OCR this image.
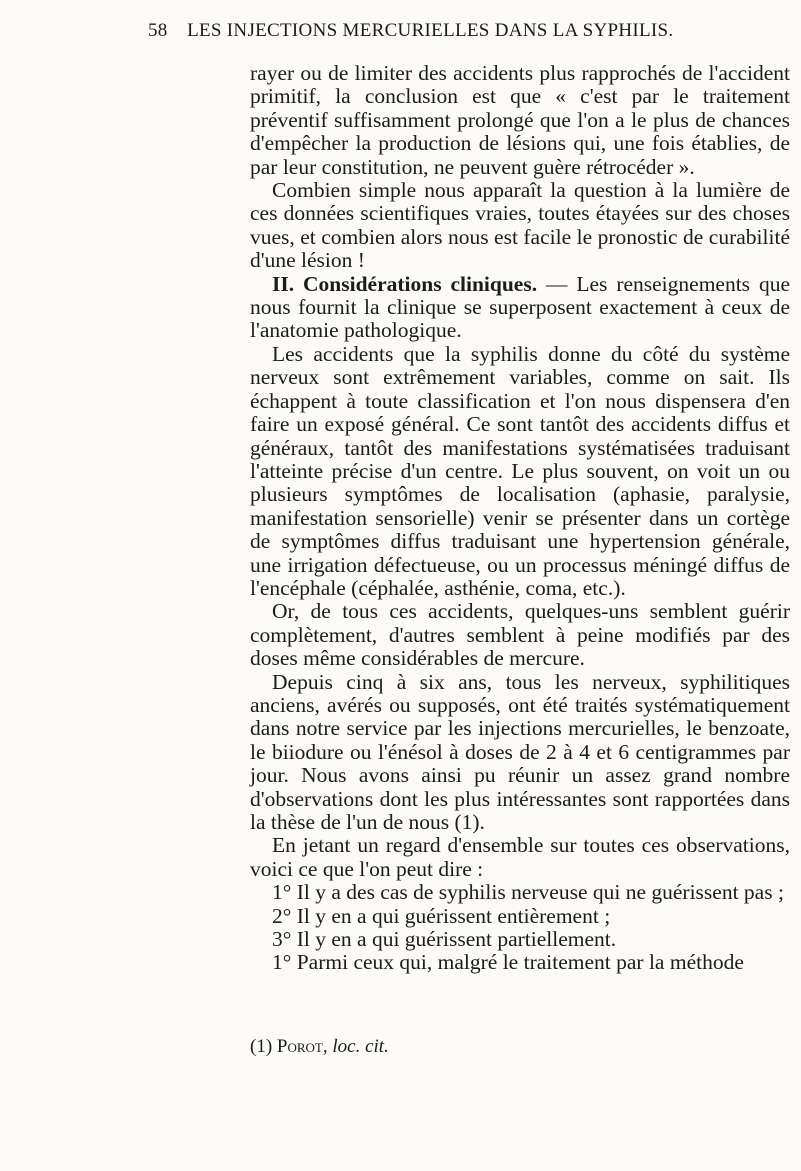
58 LES INJECTIONS MERCURIELLES DANS LA SYPHILIS.

rayer ou de limiter des accidents plus rapprochés de l'accident primitif, la conclusion est que « c'est par le traitement préventif suffisamment prolongé que l'on a le plus de chances d'empêcher la production de lésions qui, une fois établies, de par leur constitution, ne peuvent guère rétrocéder ».

Combien simple nous apparaît la question à la lumière de ces données scientifiques vraies, toutes étayées sur des choses vues, et combien alors nous est facile le pronostic de curabilité d'une lésion !

II. Considérations cliniques. — Les renseignements que nous fournit la clinique se superposent exactement à ceux de l'anatomie pathologique.

Les accidents que la syphilis donne du côté du système nerveux sont extrêmement variables, comme on sait. Ils échappent à toute classification et l'on nous dispensera d'en faire un exposé général. Ce sont tantôt des accidents diffus et généraux, tantôt des manifestations systématisées traduisant l'atteinte précise d'un centre. Le plus souvent, on voit un ou plusieurs symptômes de localisation (aphasie, paralysie, manifestation sensorielle) venir se présenter dans un cortège de symptômes diffus traduisant une hypertension générale, une irrigation défectueuse, ou un processus méningé diffus de l'encéphale (céphalée, asthénie, coma, etc.).

Or, de tous ces accidents, quelques-uns semblent guérir complètement, d'autres semblent à peine modifiés par des doses même considérables de mercure.

Depuis cinq à six ans, tous les nerveux, syphilitiques anciens, avérés ou supposés, ont été traités systématiquement dans notre service par les injections mercurielles, le benzoate, le biiodure ou l'énésol à doses de 2 à 4 et 6 centigrammes par jour. Nous avons ainsi pu réunir un assez grand nombre d'observations dont les plus intéressantes sont rapportées dans la thèse de l'un de nous (1).

En jetant un regard d'ensemble sur toutes ces observations, voici ce que l'on peut dire :

1° Il y a des cas de syphilis nerveuse qui ne guérissent pas ;

2° Il y en a qui guérissent entièrement ;

3° Il y en a qui guérissent partiellement.

1° Parmi ceux qui, malgré le traitement par la méthode

(1) Porot, loc. cit.
